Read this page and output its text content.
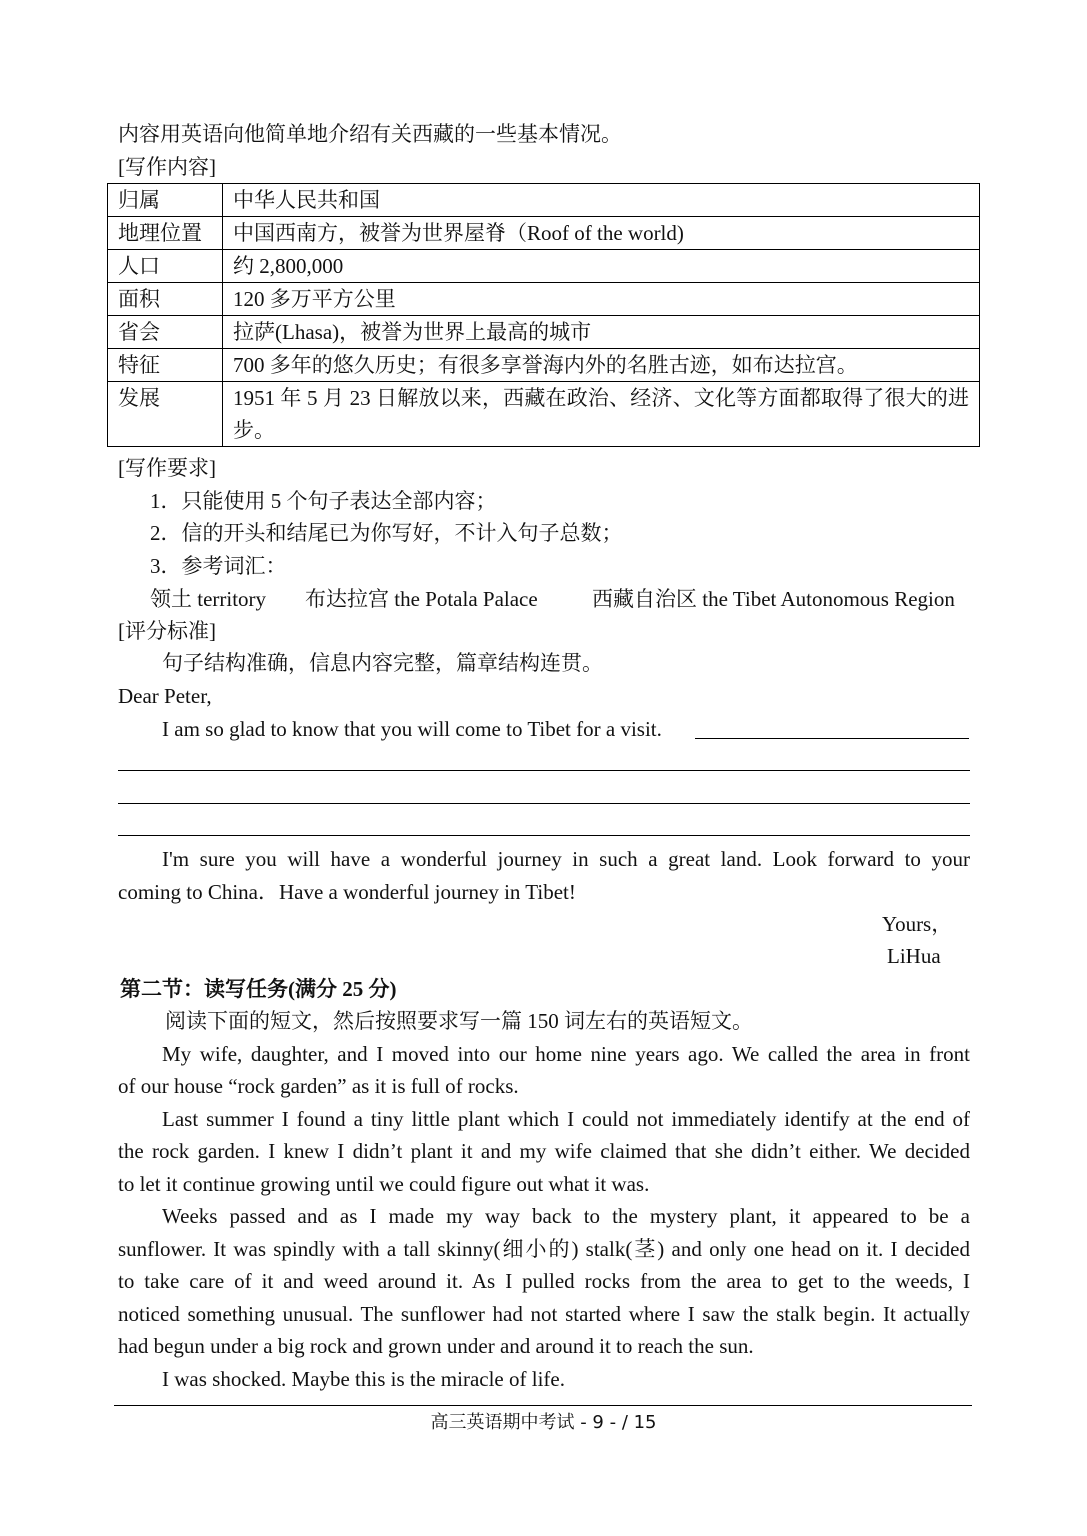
内容用英语向他简单地介绍有关西藏的一些基本情况。
[写作内容]
归属	中华人民共和国
地理位置	中国西南方，被誉为世界屋脊（Roof of the world)
人口	约 2,800,000
面积	120 多万平方公里
省会	拉萨(Lhasa)，被誉为世界上最高的城市
特征	700 多年的悠久历史；有很多享誉海内外的名胜古迹，如布达拉宫。
发展	1951 年 5 月 23 日解放以来，西藏在政治、经济、文化等方面都取得了很大的进步。
[写作要求]
1．只能使用 5 个句子表达全部内容；
2．信的开头和结尾已为你写好，不计入句子总数；
3．参考词汇：
领土 territory	布达拉宫 the Potala Palace	西藏自治区 the Tibet Autonomous Region
[评分标准]
句子结构准确，信息内容完整，篇章结构连贯。
Dear Peter,
I am so glad to know that you will come to Tibet for a visit.
I'm sure you will have a wonderful journey in such a great land. Look forward to your
coming to China．Have a wonderful journey in Tibet!
Yours，
LiHua
第二节：读写任务(满分 25 分)
阅读下面的短文，然后按照要求写一篇 150 词左右的英语短文。
My wife, daughter, and I moved into our home nine years ago. We called the area in front
of our house “rock garden” as it is full of rocks.
Last summer I found a tiny little plant which I could not immediately identify at the end of
the rock garden. I knew I didn’t plant it and my wife claimed that she didn’t either. We decided
to let it continue growing until we could figure out what it was.
Weeks passed and as I made my way back to the mystery plant, it appeared to be a
sunflower. It was spindly with a tall skinny(细小的) stalk(茎) and only one head on it. I decided
to take care of it and weed around it. As I pulled rocks from the area to get to the weeds, I
noticed something unusual. The sunflower had not started where I saw the stalk begin. It actually
had begun under a big rock and grown under and around it to reach the sun.
I was shocked. Maybe this is the miracle of life.
高三英语期中考试 - 9 - / 15
